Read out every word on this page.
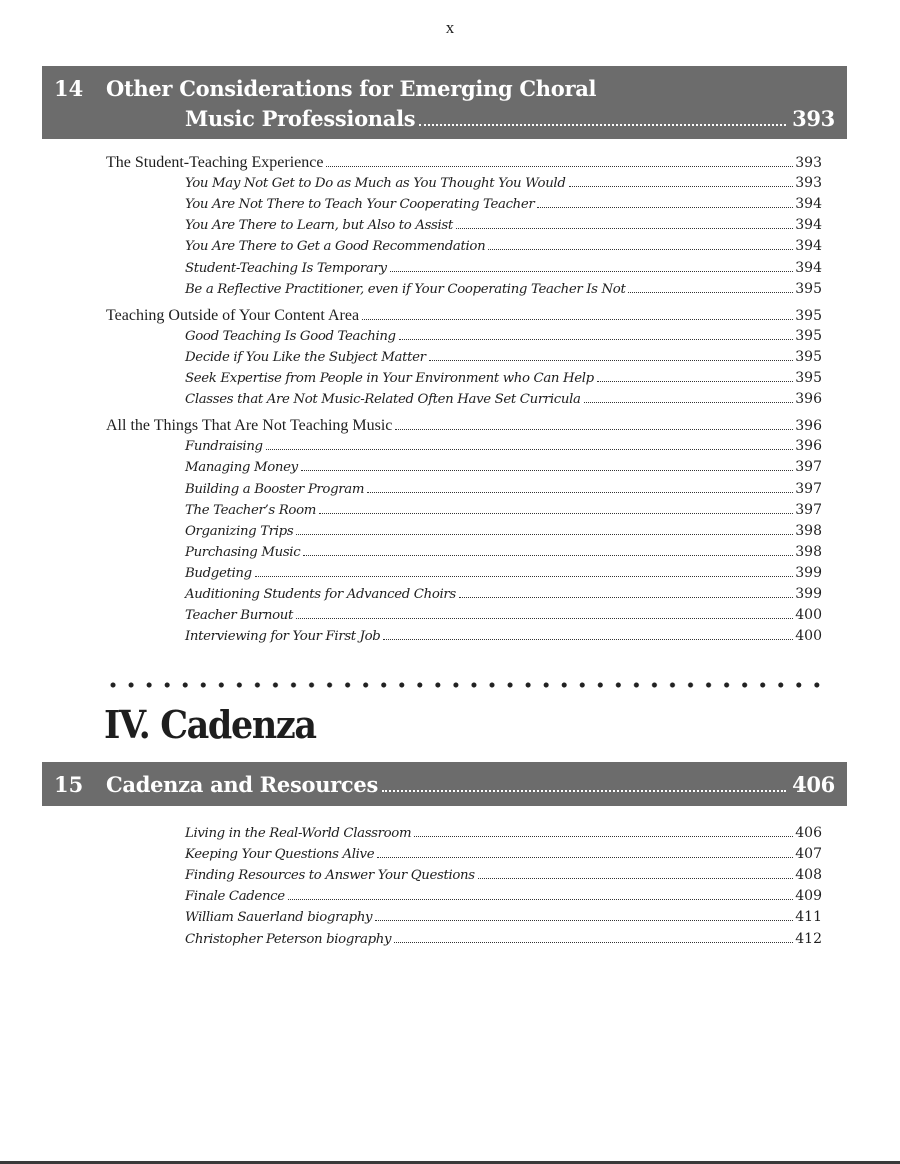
x
14 Other Considerations for Emerging Choral
Music Professionals	393
The Student-Teaching Experience	393
You May Not Get to Do as Much as You Thought You Would	393
You Are Not There to Teach Your Cooperating Teacher	394
You Are There to Learn, but Also to Assist	394
You Are There to Get a Good Recommendation	394
Student-Teaching Is Temporary	394
Be a Reflective Practitioner, even if Your Cooperating Teacher Is Not	395
Teaching Outside of Your Content Area	395
Good Teaching Is Good Teaching	395
Decide if You Like the Subject Matter	395
Seek Expertise from People in Your Environment who Can Help	395
Classes that Are Not Music-Related Often Have Set Curricula	396
All the Things That Are Not Teaching Music	396
Fundraising	396
Managing Money	397
Building a Booster Program	397
The Teacher’s Room	397
Organizing Trips	398
Purchasing Music	398
Budgeting	399
Auditioning Students for Advanced Choirs	399
Teacher Burnout	400
Interviewing for Your First Job	400
IV. Cadenza
15 Cadenza and Resources	406
Living in the Real-World Classroom	406
Keeping Your Questions Alive	407
Finding Resources to Answer Your Questions	408
Finale Cadence	409
William Sauerland biography	411
Christopher Peterson biography	412
